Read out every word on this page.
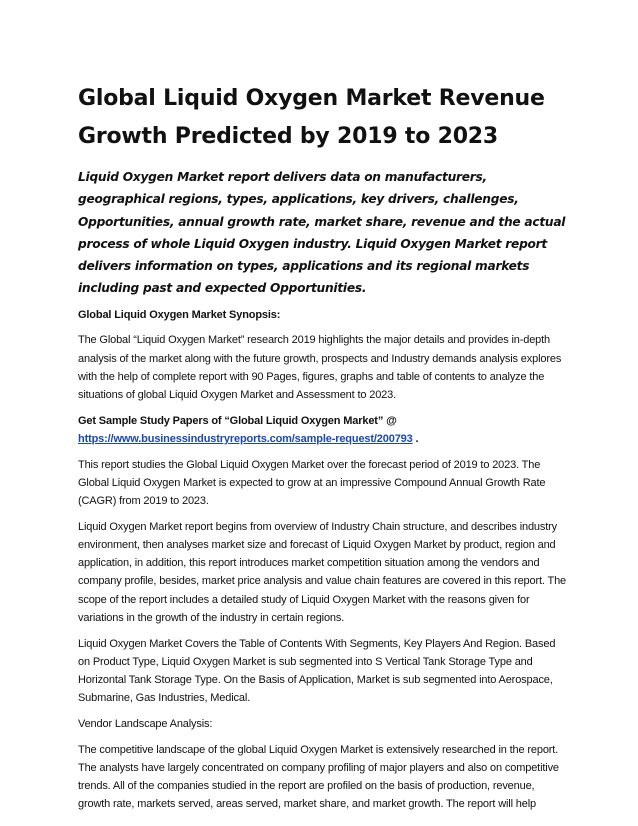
Global Liquid Oxygen Market Revenue Growth Predicted by 2019 to 2023

Liquid Oxygen Market report delivers data on manufacturers, geographical regions, types, applications, key drivers, challenges, Opportunities, annual growth rate, market share, revenue and the actual process of whole Liquid Oxygen industry. Liquid Oxygen Market report delivers information on types, applications and its regional markets including past and expected Opportunities.

Global Liquid Oxygen Market Synopsis:

The Global “Liquid Oxygen Market” research 2019 highlights the major details and provides in-depth analysis of the market along with the future growth, prospects and Industry demands analysis explores with the help of complete report with 90 Pages, figures, graphs and table of contents to analyze the situations of global Liquid Oxygen Market and Assessment to 2023.

Get Sample Study Papers of “Global Liquid Oxygen Market” @
https://www.businessindustryreports.com/sample-request/200793 .

This report studies the Global Liquid Oxygen Market over the forecast period of 2019 to 2023. The Global Liquid Oxygen Market is expected to grow at an impressive Compound Annual Growth Rate (CAGR) from 2019 to 2023.

Liquid Oxygen Market report begins from overview of Industry Chain structure, and describes industry environment, then analyses market size and forecast of Liquid Oxygen Market by product, region and application, in addition, this report introduces market competition situation among the vendors and company profile, besides, market price analysis and value chain features are covered in this report. The scope of the report includes a detailed study of Liquid Oxygen Market with the reasons given for variations in the growth of the industry in certain regions.

Liquid Oxygen Market Covers the Table of Contents With Segments, Key Players And Region. Based on Product Type, Liquid Oxygen Market is sub segmented into S Vertical Tank Storage Type and Horizontal Tank Storage Type. On the Basis of Application, Market is sub segmented into Aerospace, Submarine, Gas Industries, Medical.

Vendor Landscape Analysis:

The competitive landscape of the global Liquid Oxygen Market is extensively researched in the report. The analysts have largely concentrated on company profiling of major players and also on competitive trends. All of the companies studied in the report are profiled on the basis of production, revenue, growth rate, markets served, areas served, market share, and market growth. The report will help
